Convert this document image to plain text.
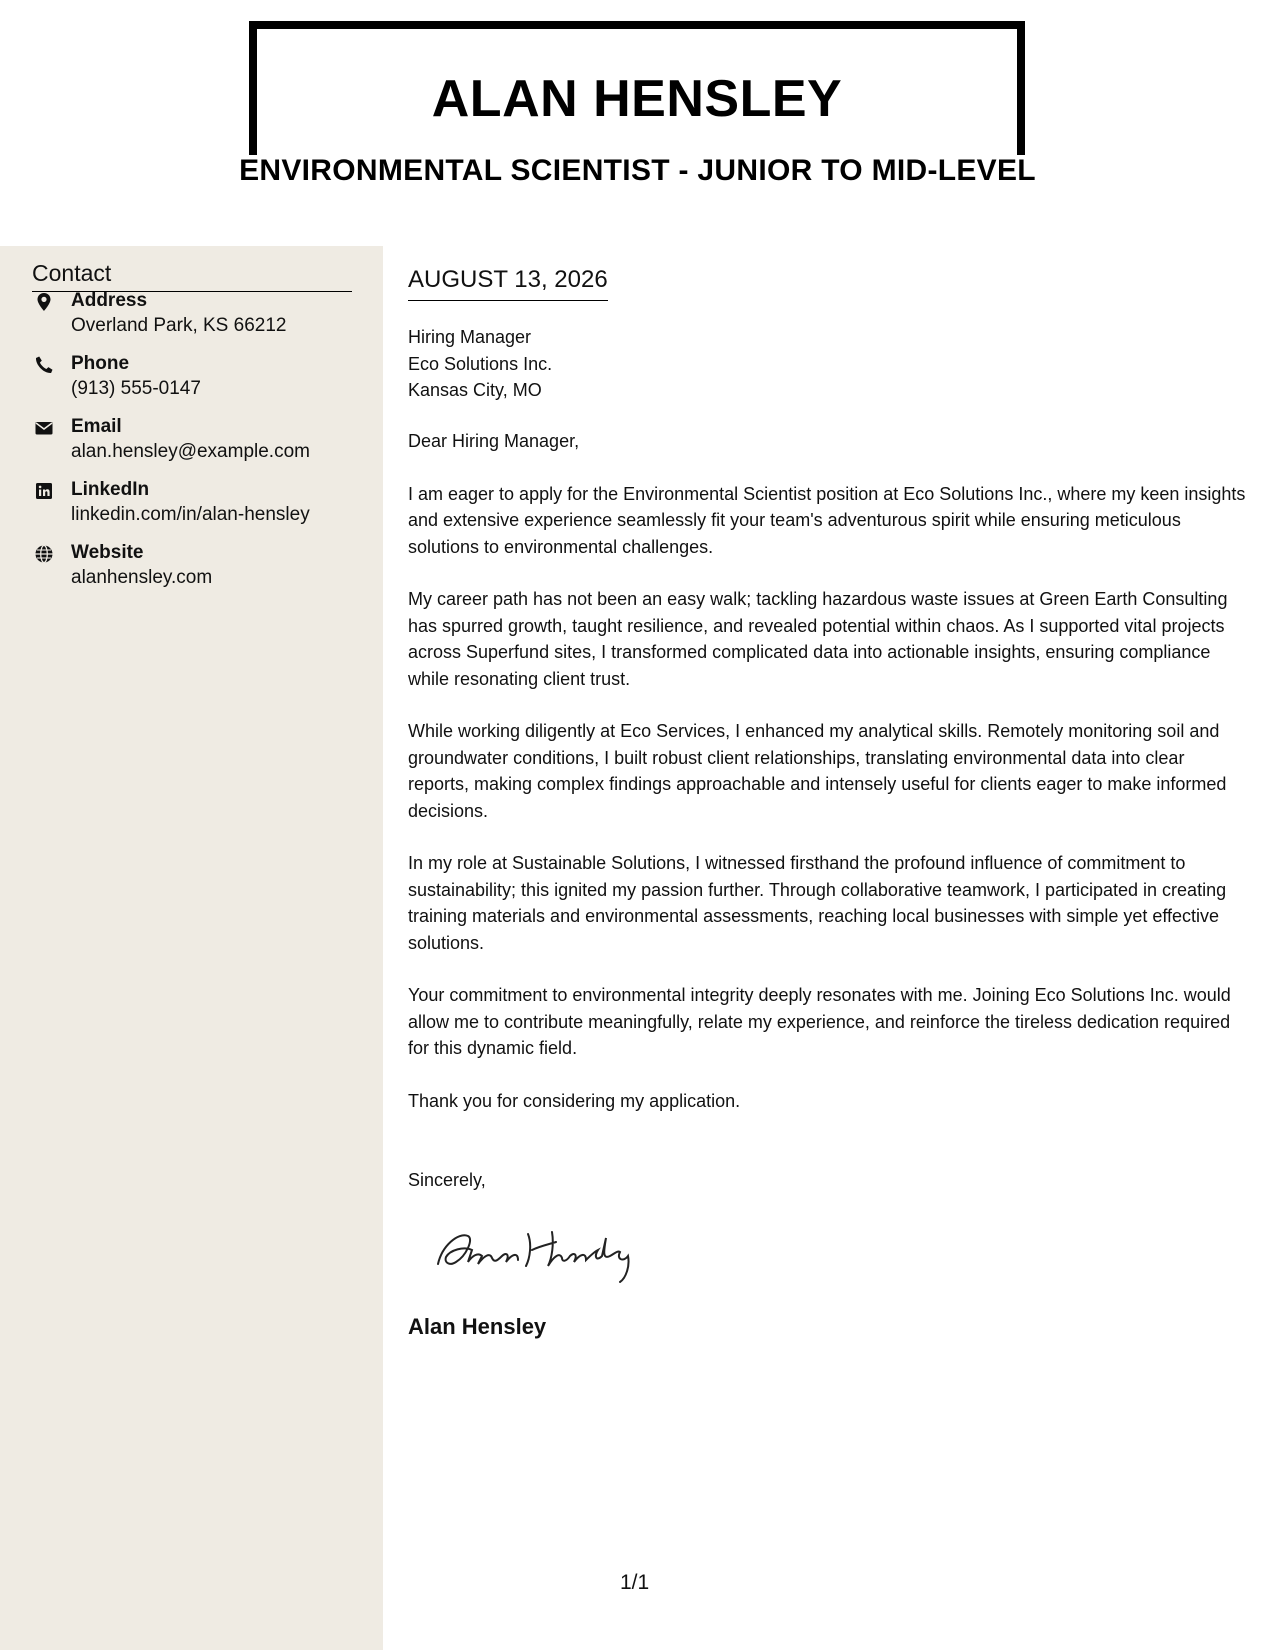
ALAN HENSLEY
ENVIRONMENTAL SCIENTIST - JUNIOR TO MID-LEVEL
Contact
Address
Overland Park, KS 66212
Phone
(913) 555-0147
Email
alan.hensley@example.com
LinkedIn
linkedin.com/in/alan-hensley
Website
alanhensley.com
AUGUST 13, 2026
Hiring Manager
Eco Solutions Inc.
Kansas City, MO

Dear Hiring Manager,

I am eager to apply for the Environmental Scientist position at Eco Solutions Inc., where my keen insights and extensive experience seamlessly fit your team's adventurous spirit while ensuring meticulous solutions to environmental challenges.

My career path has not been an easy walk; tackling hazardous waste issues at Green Earth Consulting has spurred growth, taught resilience, and revealed potential within chaos. As I supported vital projects across Superfund sites, I transformed complicated data into actionable insights, ensuring compliance while resonating client trust.

While working diligently at Eco Services, I enhanced my analytical skills. Remotely monitoring soil and groundwater conditions, I built robust client relationships, translating environmental data into clear reports, making complex findings approachable and intensely useful for clients eager to make informed decisions.

In my role at Sustainable Solutions, I witnessed firsthand the profound influence of commitment to sustainability; this ignited my passion further. Through collaborative teamwork, I participated in creating training materials and environmental assessments, reaching local businesses with simple yet effective solutions.

Your commitment to environmental integrity deeply resonates with me. Joining Eco Solutions Inc. would allow me to contribute meaningfully, relate my experience, and reinforce the tireless dedication required for this dynamic field.

Thank you for considering my application.

Sincerely,
Alan Hensley
1/1
